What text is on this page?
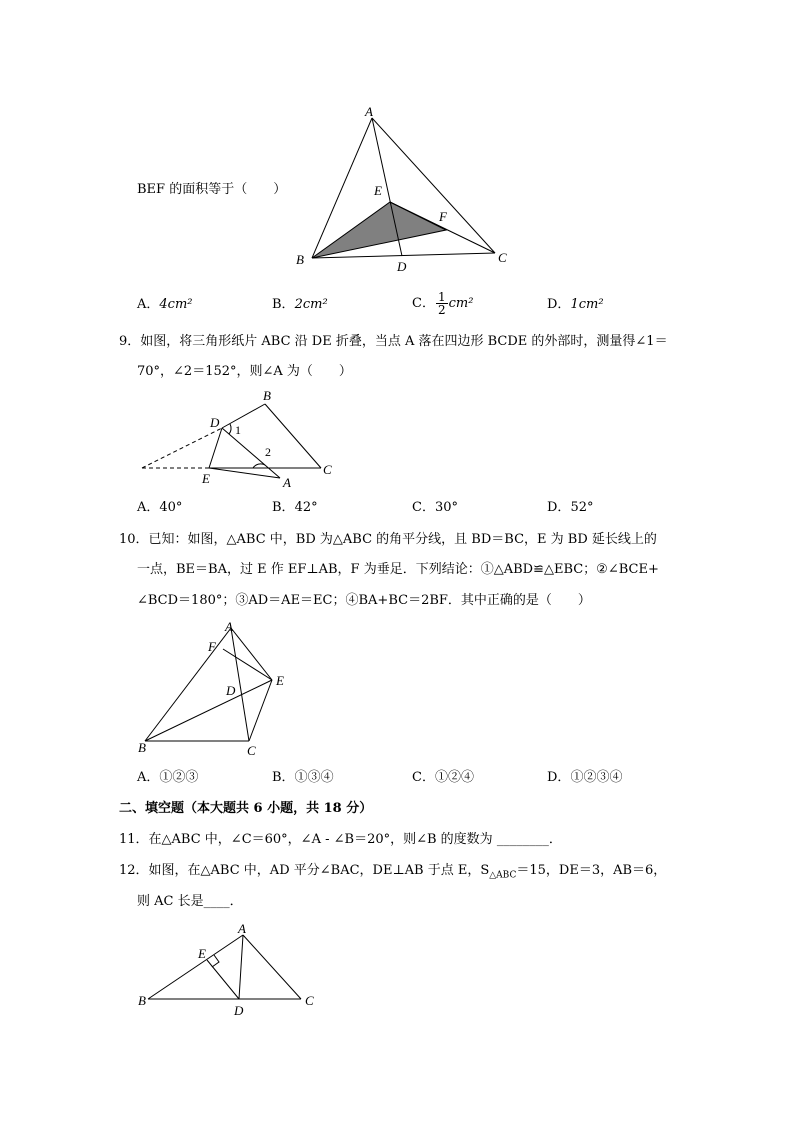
BEF 的面积等于（　　）
A
B	C
D
E
F
A．4cm²	B．2cm²	C． $\frac{1}{2} cm^2$	D．1cm²
9．如图，将三角形纸片 ABC 沿 DE 折叠，当点 A 落在四边形 BCDE 的外部时，测量得∠1＝
70°，∠2＝152°，则∠A 为（　　）
B
D
E	A
C
1
2
A．40°	B．42°	C．30°	D．52°
10．已知：如图，△ABC 中，BD 为△ABC 的角平分线，且 BD＝BC，E 为 BD 延长线上的
一点，BE＝BA，过 E 作 EF⊥AB，F 为垂足．下列结论：①△ABD≌△EBC；②∠BCE+
∠BCD＝180°；③AD＝AE＝EC；④BA+BC＝2BF．其中正确的是（　　）
A
F
E
D
B	C
A．①②③	B．①③④	C．①②④	D．①②③④
二、填空题（本大题共 6 小题，共 18 分）
11．在△ABC 中，∠C＝60°，∠A - ∠B＝20°，则∠B 的度数为 ________．
12．如图，在△ABC 中，AD 平分∠BAC，DE⊥AB 于点 E，$S_{\triangle ABC}=15$，DE＝3，AB＝6，
则 AC 长是____．
A
E
B	C
D
